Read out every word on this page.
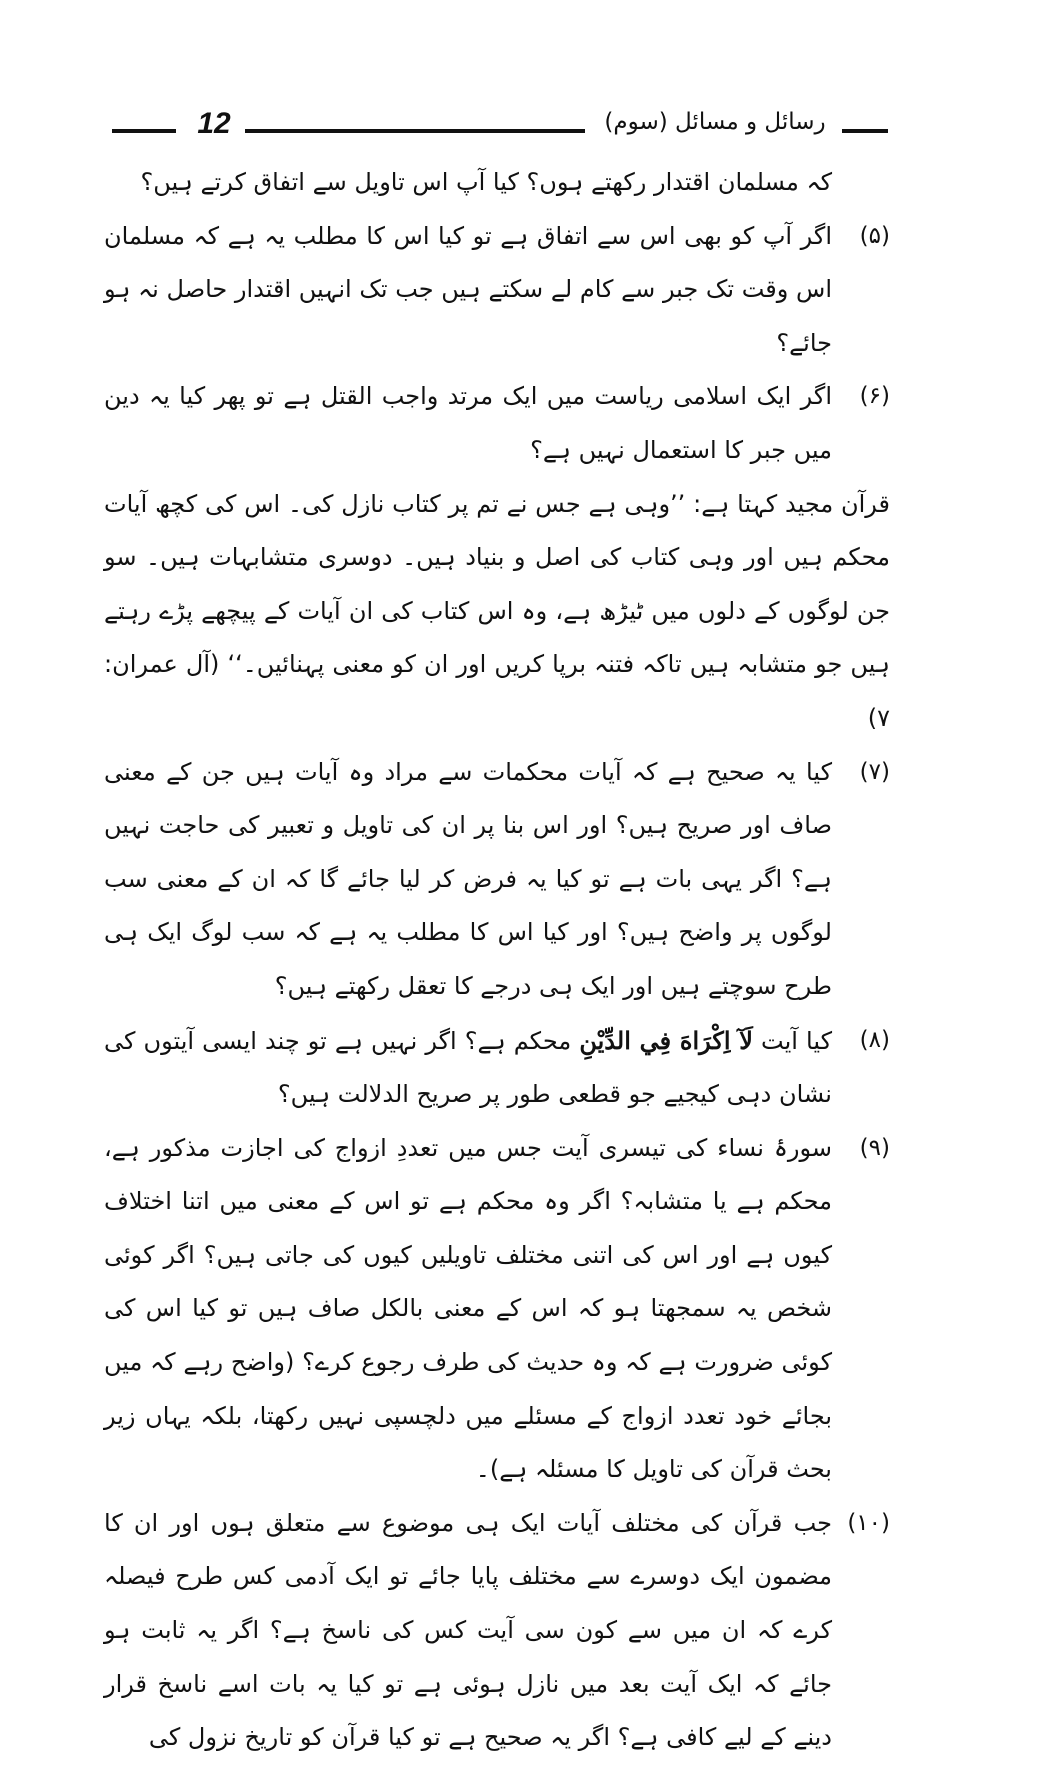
12	رسائل و مسائل (سوم)
کہ مسلمان اقتدار رکھتے ہوں؟ کیا آپ اس تاویل سے اتفاق کرتے ہیں؟
(۵)
اگر آپ کو بھی اس سے اتفاق ہے تو کیا اس کا مطلب یہ ہے کہ مسلمان اس وقت تک جبر سے کام لے سکتے ہیں جب تک انہیں اقتدار حاصل نہ ہو جائے؟
(۶)
اگر ایک اسلامی ریاست میں ایک مرتد واجب القتل ہے تو پھر کیا یہ دین میں جبر کا استعمال نہیں ہے؟

قرآن مجید کہتا ہے: ’’وہی ہے جس نے تم پر کتاب نازل کی۔ اس کی کچھ آیات محکم ہیں اور وہی کتاب کی اصل و بنیاد ہیں۔ دوسری متشابہات ہیں۔ سو جن لوگوں کے دلوں میں ٹیڑھ ہے، وہ اس کتاب کی ان آیات کے پیچھے پڑے رہتے ہیں جو متشابہ ہیں تاکہ فتنہ برپا کریں اور ان کو معنی پہنائیں۔‘‘ (آل عمران: ۷)

(۷)
کیا یہ صحیح ہے کہ آیات محکمات سے مراد وہ آیات ہیں جن کے معنی صاف اور صریح ہیں؟ اور اس بنا پر ان کی تاویل و تعبیر کی حاجت نہیں ہے؟ اگر یہی بات ہے تو کیا یہ فرض کر لیا جائے گا کہ ان کے معنی سب لوگوں پر واضح ہیں؟ اور کیا اس کا مطلب یہ ہے کہ سب لوگ ایک ہی طرح سوچتے ہیں اور ایک ہی درجے کا تعقل رکھتے ہیں؟
(۸)
کیا آیت لَآ اِكْرَاهَ فِي الدِّيْنِ محکم ہے؟ اگر نہیں ہے تو چند ایسی آیتوں کی نشان دہی کیجیے جو قطعی طور پر صریح الدلالت ہیں؟
(۹)
سورۂ نساء کی تیسری آیت جس میں تعددِ ازواج کی اجازت مذکور ہے، محکم ہے یا متشابہ؟ اگر وہ محکم ہے تو اس کے معنی میں اتنا اختلاف کیوں ہے اور اس کی اتنی مختلف تاویلیں کیوں کی جاتی ہیں؟ اگر کوئی شخص یہ سمجھتا ہو کہ اس کے معنی بالکل صاف ہیں تو کیا اس کی کوئی ضرورت ہے کہ وہ حدیث کی طرف رجوع کرے؟ (واضح رہے کہ میں بجائے خود تعدد ازواج کے مسئلے میں دلچسپی نہیں رکھتا، بلکہ یہاں زیر بحث قرآن کی تاویل کا مسئلہ ہے)۔
(۱۰)
جب قرآن کی مختلف آیات ایک ہی موضوع سے متعلق ہوں اور ان کا مضمون ایک دوسرے سے مختلف پایا جائے تو ایک آدمی کس طرح فیصلہ کرے کہ ان میں سے کون سی آیت کس کی ناسخ ہے؟ اگر یہ ثابت ہو جائے کہ ایک آیت بعد میں نازل ہوئی ہے تو کیا یہ بات اسے ناسخ قرار دینے کے لیے کافی ہے؟ اگر یہ صحیح ہے تو کیا قرآن کو تاریخ نزول کی
